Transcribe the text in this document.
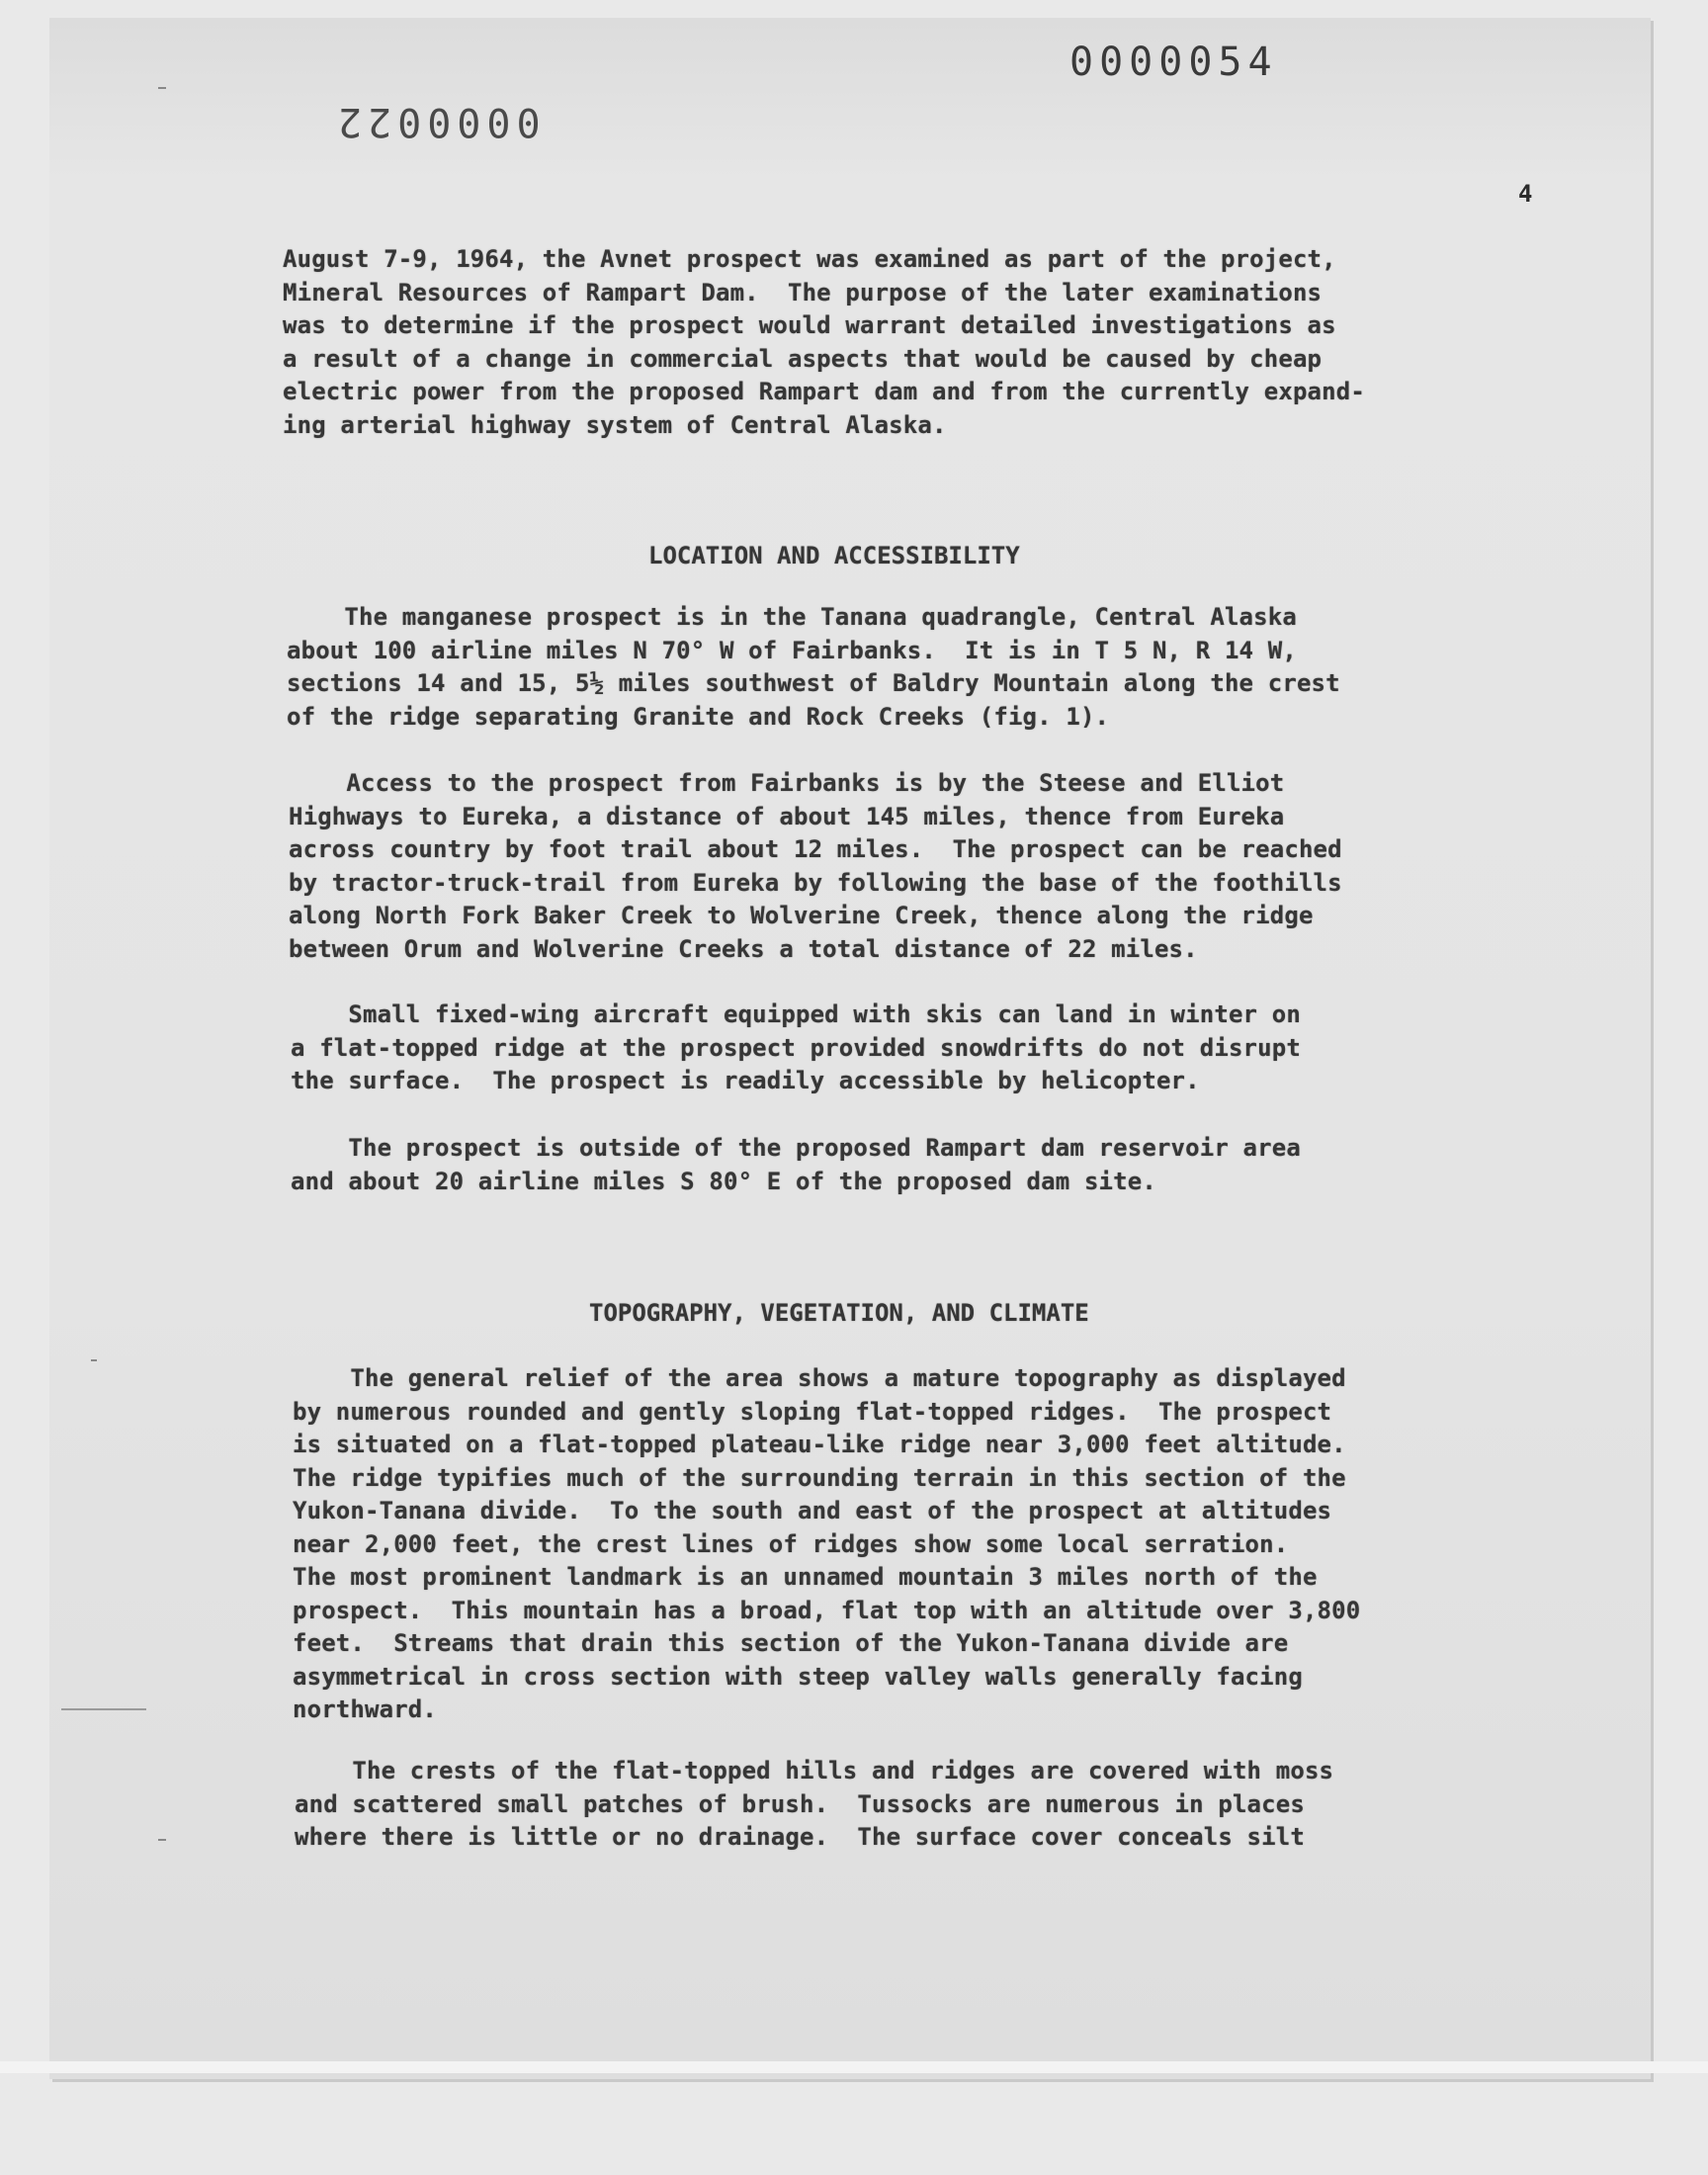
0000054
0000022
4
August 7-9, 1964, the Avnet prospect was examined as part of the project,
Mineral Resources of Rampart Dam.  The purpose of the later examinations
was to determine if the prospect would warrant detailed investigations as
a result of a change in commercial aspects that would be caused by cheap
electric power from the proposed Rampart dam and from the currently expand-
ing arterial highway system of Central Alaska.
LOCATION AND ACCESSIBILITY
The manganese prospect is in the Tanana quadrangle, Central Alaska
about 100 airline miles N 70° W of Fairbanks.  It is in T 5 N, R 14 W,
sections 14 and 15, 5½ miles southwest of Baldry Mountain along the crest
of the ridge separating Granite and Rock Creeks (fig. 1).
Access to the prospect from Fairbanks is by the Steese and Elliot
Highways to Eureka, a distance of about 145 miles, thence from Eureka
across country by foot trail about 12 miles.  The prospect can be reached
by tractor-truck-trail from Eureka by following the base of the foothills
along North Fork Baker Creek to Wolverine Creek, thence along the ridge
between Orum and Wolverine Creeks a total distance of 22 miles.
Small fixed-wing aircraft equipped with skis can land in winter on
a flat-topped ridge at the prospect provided snowdrifts do not disrupt
the surface.  The prospect is readily accessible by helicopter.
The prospect is outside of the proposed Rampart dam reservoir area
and about 20 airline miles S 80° E of the proposed dam site.
TOPOGRAPHY, VEGETATION, AND CLIMATE
The general relief of the area shows a mature topography as displayed
by numerous rounded and gently sloping flat-topped ridges.  The prospect
is situated on a flat-topped plateau-like ridge near 3,000 feet altitude.
The ridge typifies much of the surrounding terrain in this section of the
Yukon-Tanana divide.  To the south and east of the prospect at altitudes
near 2,000 feet, the crest lines of ridges show some local serration.
The most prominent landmark is an unnamed mountain 3 miles north of the
prospect.  This mountain has a broad, flat top with an altitude over 3,800
feet.  Streams that drain this section of the Yukon-Tanana divide are
asymmetrical in cross section with steep valley walls generally facing
northward.
The crests of the flat-topped hills and ridges are covered with moss
and scattered small patches of brush.  Tussocks are numerous in places
where there is little or no drainage.  The surface cover conceals silt
